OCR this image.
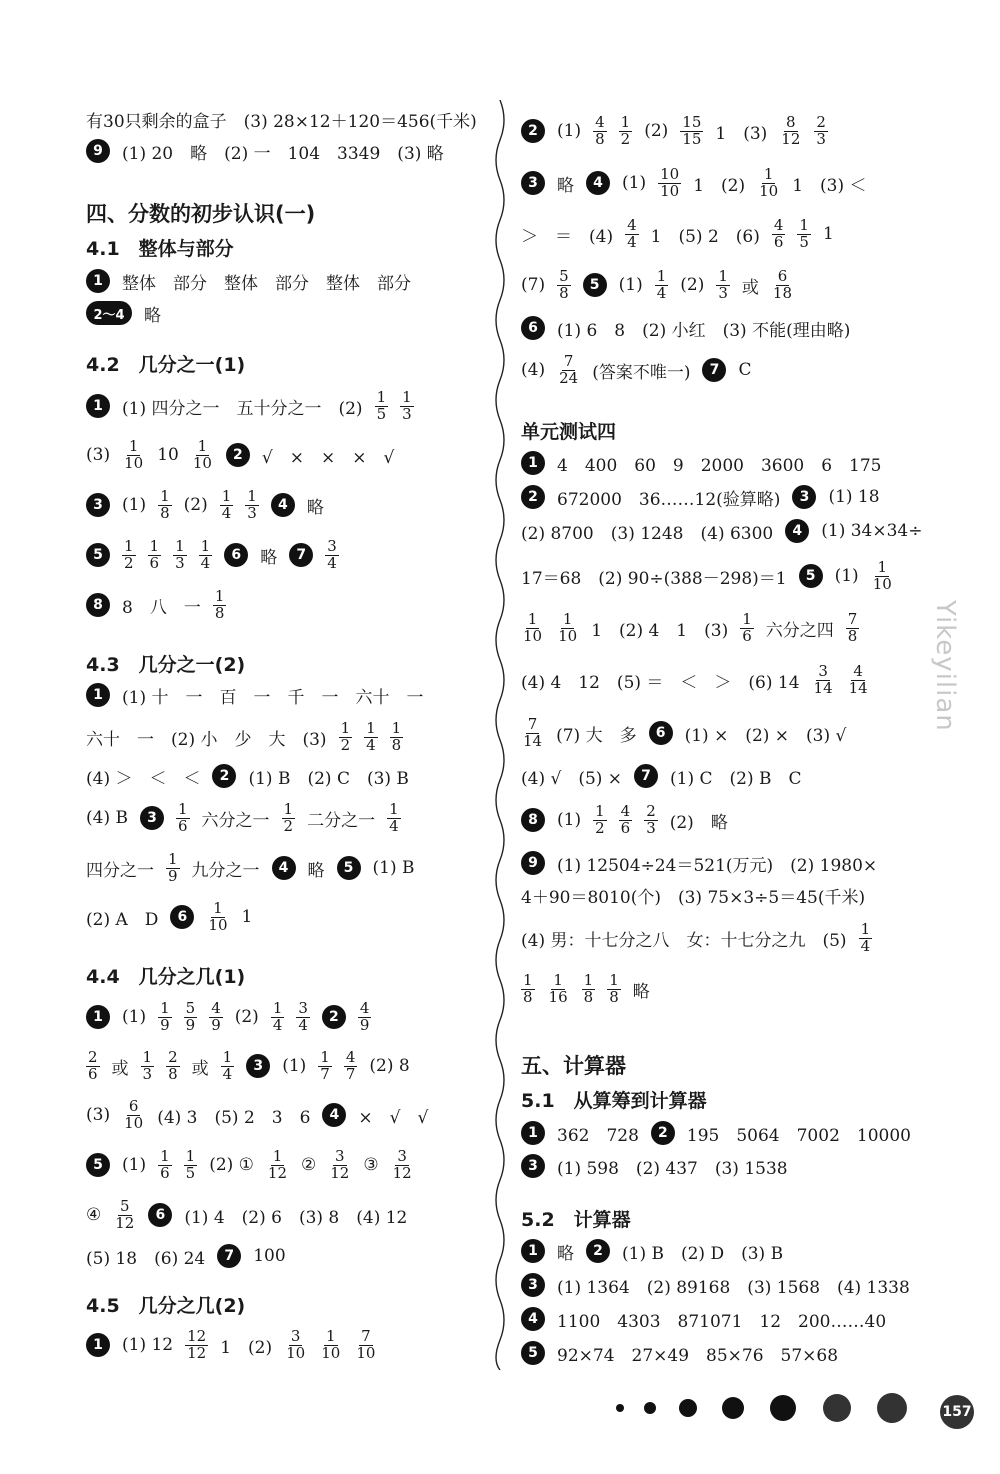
有30只剩余的盒子　(3) 28×12＋120＝456(千米)
9	(1) 20　略　(2) 一　104　3349　(3) 略
四、分数的初步认识(一)
4.1　整体与部分
1	整体　部分　整体　部分　整体　部分
2～4	略
4.2　几分之一(1)
1	(1) 四分之一　五十分之一　$(2) \frac{1}{5} \frac{1}{3}$
$(3) \frac{1}{10} 10 \frac{1}{10}$	2	√　×　×　×　√
3	$(1) \frac{1}{8} (2) \frac{1}{4} \frac{1}{3}$	4	略
5	$\frac{1}{2} \frac{1}{6} \frac{1}{3} \frac{1}{4}$	6	略	7	$\frac{3}{4}$
8	8　八　一 $\frac{1}{8}$
4.3　几分之一(2)
1	(1) 十　一　百　一　千　一　六十　一
六十　一　(2) 小　少　大　$(3) \frac{1}{2} \frac{1}{4} \frac{1}{8}$
(4) ＞　＜　＜	2	(1) B　(2) C　(3) B
(4) B	3	$\frac{1}{6}$ 六分之一 $\frac{1}{2}$ 二分之一 $\frac{1}{4}$
四分之一 $\frac{1}{9}$ 九分之一	4	略	5	(1) B
(2) A　D	6	$\frac{1}{10} 1$
4.4　几分之几(1)
1	$(1) \frac{1}{9} \frac{5}{9} \frac{4}{9} (2) \frac{1}{4} \frac{3}{4}$	2	$\frac{4}{9}$
$\frac{2}{6}$ 或 $\frac{1}{3} \frac{2}{8}$ 或 $\frac{1}{4}$	3	$(1) \frac{1}{7} \frac{4}{7} (2)$ 8
$(3) \frac{6}{10} (4)$ 3　(5) 2　3　6	4	×　√　√
5	$(1) \frac{1}{6} \frac{1}{5} (2)$ ① $\frac{1}{12}$ ② $\frac{3}{12}$ ③ $\frac{3}{12}$
④ $\frac{5}{12}$	6	(1) 4　(2) 6　(3) 8　(4) 12
(5) 18　(6) 24	7	100
4.5　几分之几(2)
1	(1) $12 \frac{12}{12} 1$　$(2) \frac{3}{10} \frac{1}{10} \frac{7}{10}$
2	$(1) \frac{4}{8} \frac{1}{2} (2) \frac{15}{15} 1$　$(3) \frac{8}{12} \frac{2}{3}$
3	略	4	$(1) \frac{10}{10} 1$　$(2) \frac{1}{10} 1$　(3) ＜
＞　＝　$(4) \frac{4}{4} 1$　(5) 2　$(6) \frac{4}{6} \frac{1}{5} 1$
$(7) \frac{5}{8}$	5	$(1) \frac{1}{4} (2) \frac{1}{3}$ 或 $\frac{6}{18}$
6	(1) 6　8　(2) 小红　(3) 不能(理由略)
$(4) \frac{7}{24}$ (答案不唯一)	7	C
单元测试四
1	4　400　60　9　2000　3600　6　175
2	672000　36……12(验算略)	3	(1) 18
(2) 8700　(3) 1248　(4) 6300	4	(1) 34×34÷
17＝68　(2) 90÷(388－298)＝1	5	$(1) \frac{1}{10}$
$\frac{1}{10} \frac{1}{10} 1$　(2) 4　1　$(3) \frac{1}{6}$ 六分之四 $\frac{7}{8}$
(4) 4　12　(5) ＝　＜　＞　(6) $14 \frac{3}{14} \frac{4}{14}$
$\frac{7}{14} (7)$ 大　多	6	(1) ×　(2) ×　(3) √
(4) √　(5) ×	7	(1) C　(2) B　C
8	$(1) \frac{1}{2} \frac{4}{6} \frac{2}{3} (2)$　略
9	(1) 12504÷24＝521(万元)　(2) 1980×
4＋90＝8010(个)　(3) 75×3÷5＝45(千米)
(4) 男：十七分之八　女：十七分之九　$(5) \frac{1}{4}$
$\frac{1}{8} \frac{1}{16} \frac{1}{8} \frac{1}{8}$ 略
五、计算器
5.1　从算筹到计算器
1	362　728	2	195　5064　7002　10000
3	(1) 598　(2) 437　(3) 1538
5.2　计算器
1	略	2	(1) B　(2) D　(3) B
3	(1) 1364　(2) 89168　(3) 1568　(4) 1338
4	1100　4303　871071　12　200……40
5	92×74　27×49　85×76　57×68
Yikeyilian
157
